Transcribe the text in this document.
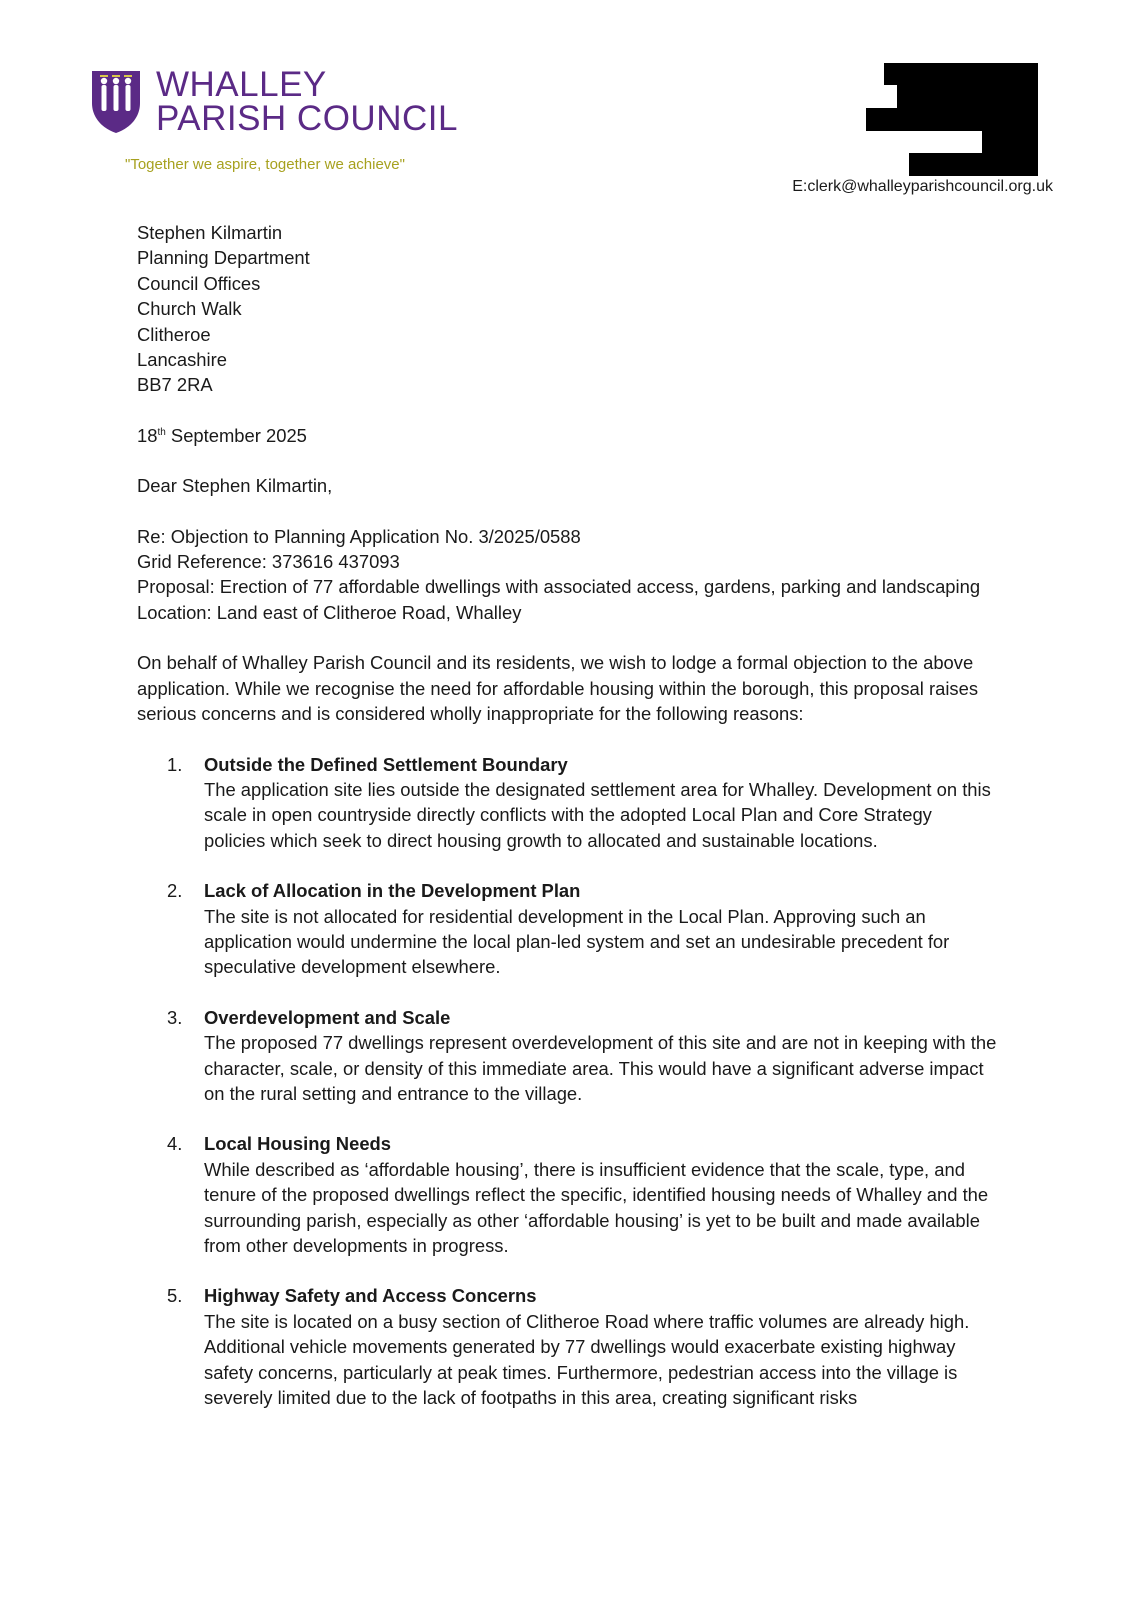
WHALLEY
PARISH COUNCIL
"Together we aspire, together we achieve"
E:clerk@whalleyparishcouncil.org.uk
Stephen Kilmartin
Planning Department
Council Offices
Church Walk
Clitheroe
Lancashire
BB7 2RA

18th September 2025

Dear Stephen Kilmartin,

Re: Objection to Planning Application No. 3/2025/0588

Grid Reference: 373616 437093

Proposal: Erection of 77 affordable dwellings with associated access, gardens, parking and landscaping

Location: Land east of Clitheroe Road, Whalley

On behalf of Whalley Parish Council and its residents, we wish to lodge a formal objection to the above application. While we recognise the need for affordable housing within the borough, this proposal raises serious concerns and is considered wholly inappropriate for the following reasons:

1. Outside the Defined Settlement Boundary
The application site lies outside the designated settlement area for Whalley. Development on this scale in open countryside directly conflicts with the adopted Local Plan and Core Strategy policies which seek to direct housing growth to allocated and sustainable locations.
2. Lack of Allocation in the Development Plan
The site is not allocated for residential development in the Local Plan. Approving such an application would undermine the local plan-led system and set an undesirable precedent for speculative development elsewhere.
3. Overdevelopment and Scale
The proposed 77 dwellings represent overdevelopment of this site and are not in keeping with the character, scale, or density of this immediate area. This would have a significant adverse impact on the rural setting and entrance to the village.
4. Local Housing Needs
While described as ‘affordable housing’, there is insufficient evidence that the scale, type, and tenure of the proposed dwellings reflect the specific, identified housing needs of Whalley and the surrounding parish, especially as other ‘affordable housing’ is yet to be built and made available from other developments in progress.
5. Highway Safety and Access Concerns
The site is located on a busy section of Clitheroe Road where traffic volumes are already high. Additional vehicle movements generated by 77 dwellings would exacerbate existing highway safety concerns, particularly at peak times. Furthermore, pedestrian access into the village is severely limited due to the lack of footpaths in this area, creating significant risks
